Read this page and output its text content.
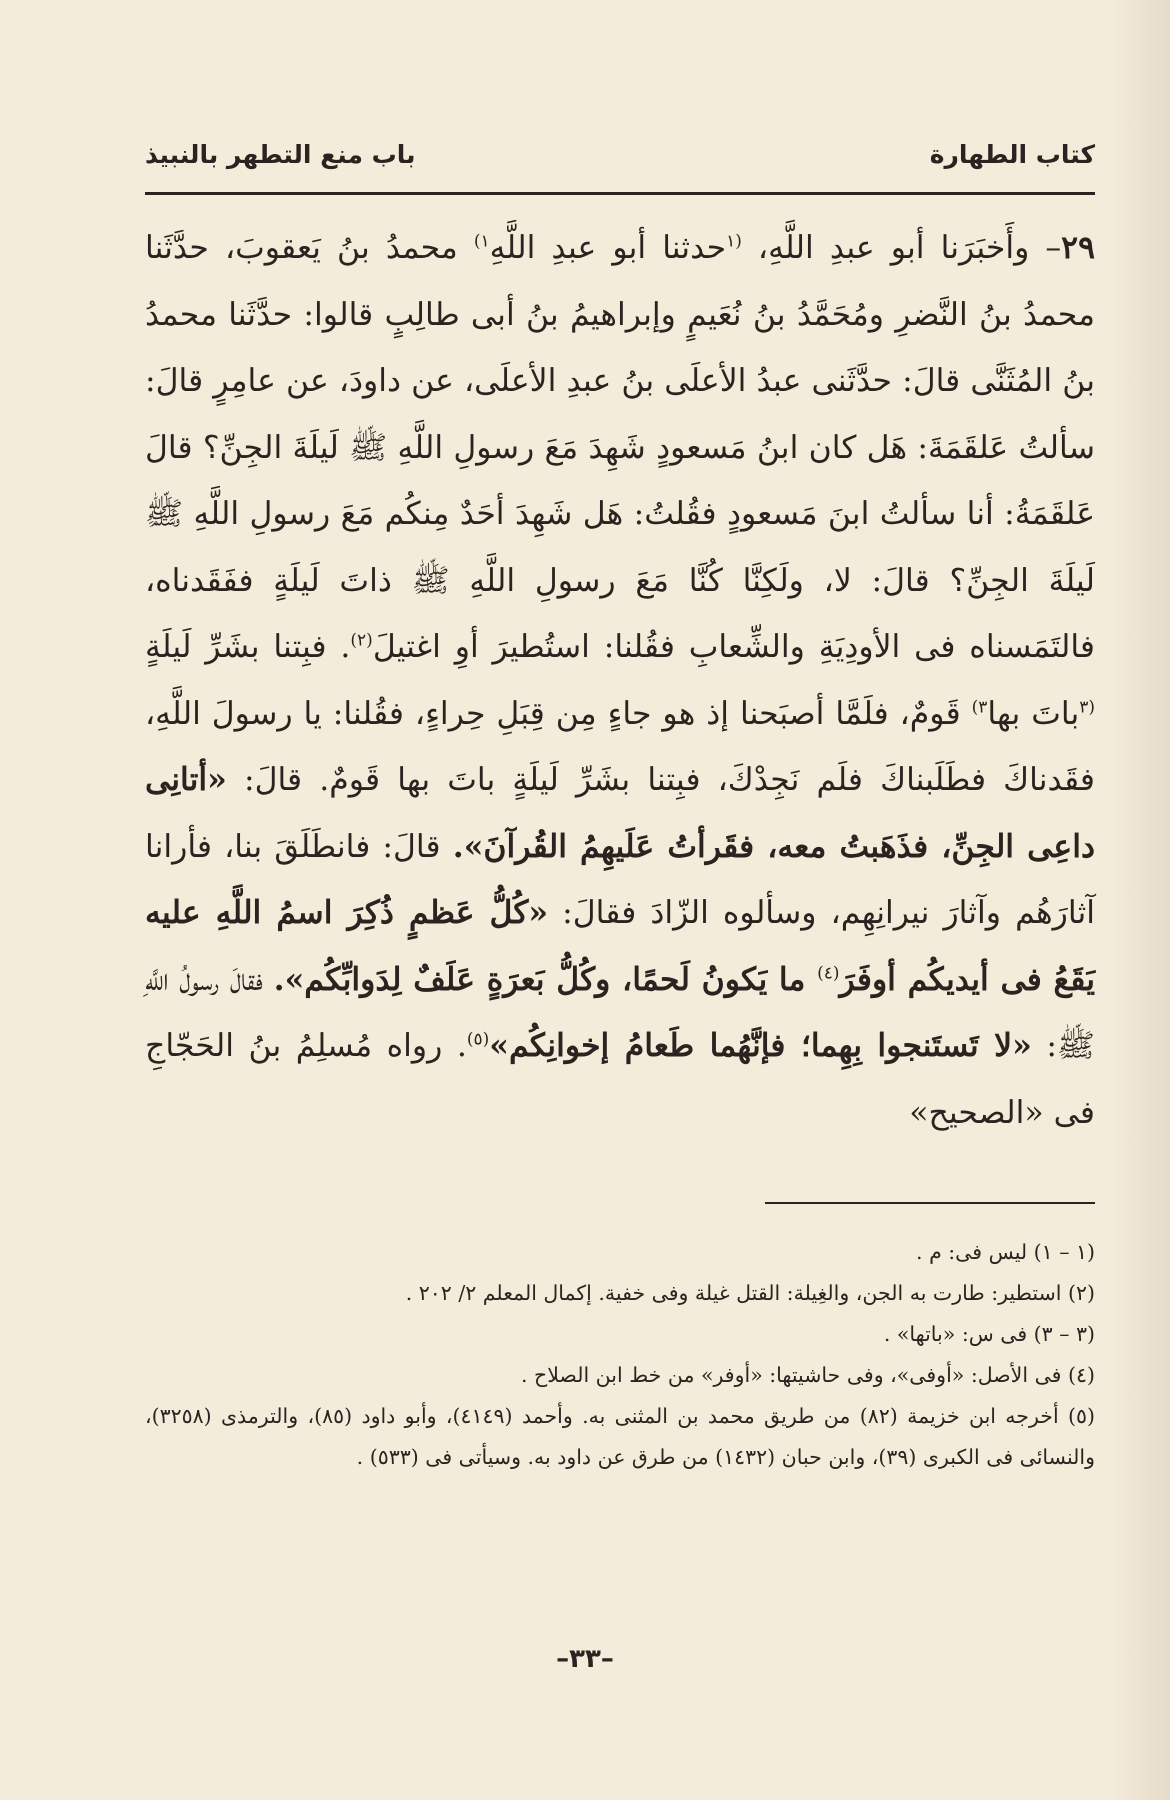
كتاب الطهارة
باب منع التطهر بالنبيذ

٢٩– وأَخبَرَنا أبو عبدِ اللَّهِ، $^{(١}$حدثنا أبو عبدِ اللَّهِ$^{١)}$ محمدُ بنُ يَعقوبَ، حدَّثَنا محمدُ بنُ النَّضرِ ومُحَمَّدُ بنُ نُعَيمٍ وإبراهيمُ بنُ أبى طالِبٍ قالوا: حدَّثَنا محمدُ بنُ المُثَنَّى قالَ: حدَّثَنى عبدُ الأعلَى بنُ عبدِ الأعلَى، عن داودَ، عن عامِرٍ قالَ: سألتُ عَلقَمَةَ: هَل كان ابنُ مَسعودٍ شَهِدَ مَعَ رسولِ اللَّهِ ﷺ لَيلَةَ الجِنِّ؟ قالَ عَلقَمَةُ: أنا سألتُ ابنَ مَسعودٍ فقُلتُ: هَل شَهِدَ أحَدٌ مِنكُم مَعَ رسولِ اللَّهِ ﷺ لَيلَةَ الجِنِّ؟ قالَ: لا، ولَكِنَّا كُنَّا مَعَ رسولِ اللَّهِ ﷺ ذاتَ لَيلَةٍ ففَقَدناه، فالتَمَسناه فى الأودِيَةِ والشِّعابِ فقُلنا: استُطيرَ أوِ اغتيلَ$^{(٢)}$. فبِتنا بشَرِّ لَيلَةٍ $^{(٣}$باتَ بها$^{٣)}$ قَومٌ، فلَمَّا أصبَحنا إذ هو جاءٍ مِن قِبَلِ حِراءٍ، فقُلنا: يا رسولَ اللَّهِ، فقَدناكَ فطَلَبناكَ فلَم نَجِدْكَ، فبِتنا بشَرِّ لَيلَةٍ باتَ بها قَومٌ. قالَ: «أتانِى داعِى الجِنِّ، فذَهَبتُ معه، فقَرأتُ عَلَيهِمُ القُرآنَ». قالَ: فانطَلَقَ بنا، فأرانا آثارَهُم وآثارَ نيرانِهِم، وسألوه الزّادَ فقالَ: «كُلُّ عَظمٍ ذُكِرَ اسمُ اللَّهِ عليه يَقَعُ فى أيديكُم أوفَرَ$^{(٤)}$ ما يَكونُ لَحمًا، وكُلُّ بَعرَةٍ عَلَفٌ لِدَوابِّكُم». فقالَ رسولُ اللَّهِ ﷺ: «لا تَستَنجوا بِهِما؛ فإنَّهُما طَعامُ إخوانِكُم»$^{(٥)}$. رواه مُسلِمُ بنُ الحَجّاجِ فى «الصحيح»

(١ – ١) ليس فى: م .

(٢) استطير: طارت به الجن، والغِيلة: القتل غيلة وفى خفية. إكمال المعلم ٢/ ٢٠٢ .

(٣ – ٣) فى س: «باتها» .

(٤) فى الأصل: «أوفى»، وفى حاشيتها: «أوفر» من خط ابن الصلاح .

(٥) أخرجه ابن خزيمة (٨٢) من طريق محمد بن المثنى به. وأحمد (٤١٤٩)، وأبو داود (٨٥)، والترمذى (٣٢٥٨)، والنسائى فى الكبرى (٣٩)، وابن حبان (١٤٣٢) من طرق عن داود به. وسيأتى فى (٥٣٣) .

–٣٣–
